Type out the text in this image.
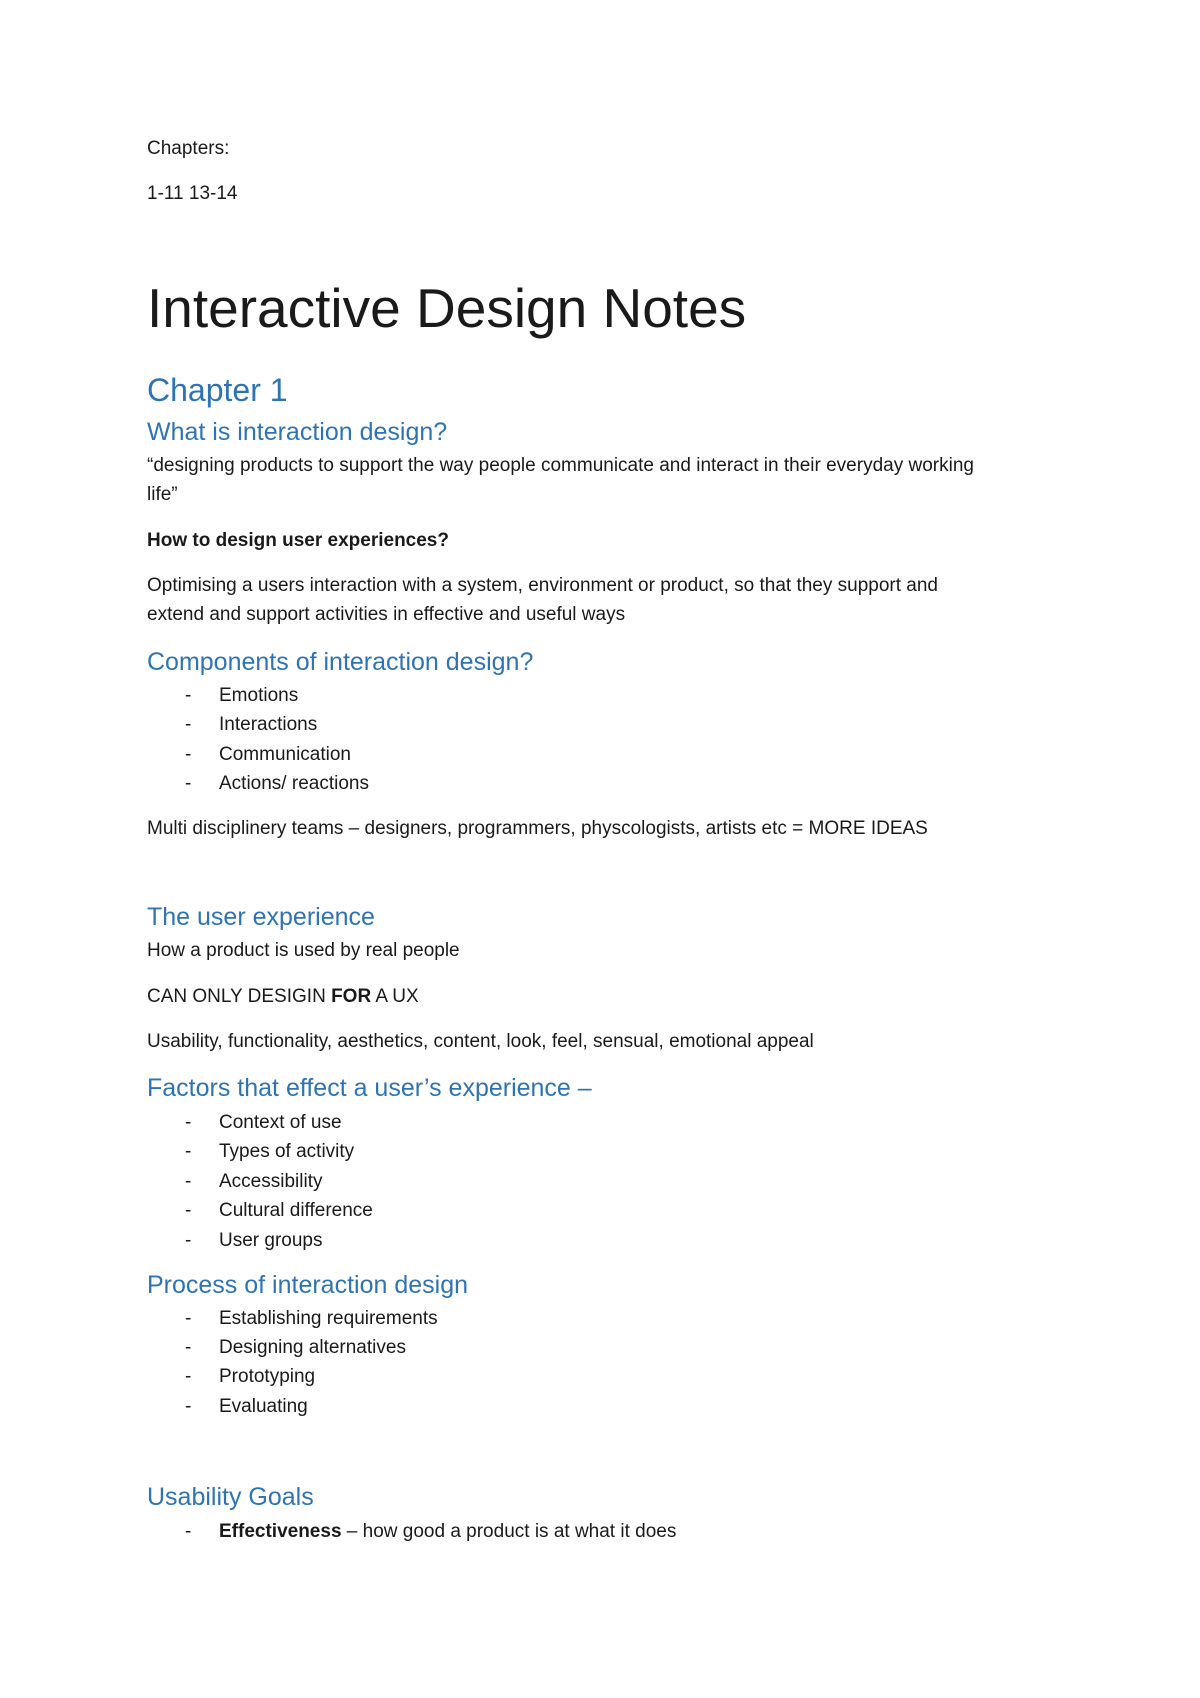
Chapters:

1-11 13-14

Interactive Design Notes
Chapter 1
What is interaction design?

“designing products to support the way people communicate and interact in their everyday working

life”

How to design user experiences?

Optimising a users interaction with a system, environment or product, so that they support and

extend and support activities in effective and useful ways

Components of interaction design?
- Emotions
- Interactions
- Communication
- Actions/ reactions

Multi disciplinery teams – designers, programmers, physcologists, artists etc = MORE IDEAS

The user experience

How a product is used by real people

CAN ONLY DESIGIN FOR A UX

Usability, functionality, aesthetics, content, look, feel, sensual, emotional appeal

Factors that effect a user’s experience –
- Context of use
- Types of activity
- Accessibility
- Cultural difference
- User groups
Process of interaction design
- Establishing requirements
- Designing alternatives
- Prototyping
- Evaluating
Usability Goals
- Effectiveness – how good a product is at what it does
